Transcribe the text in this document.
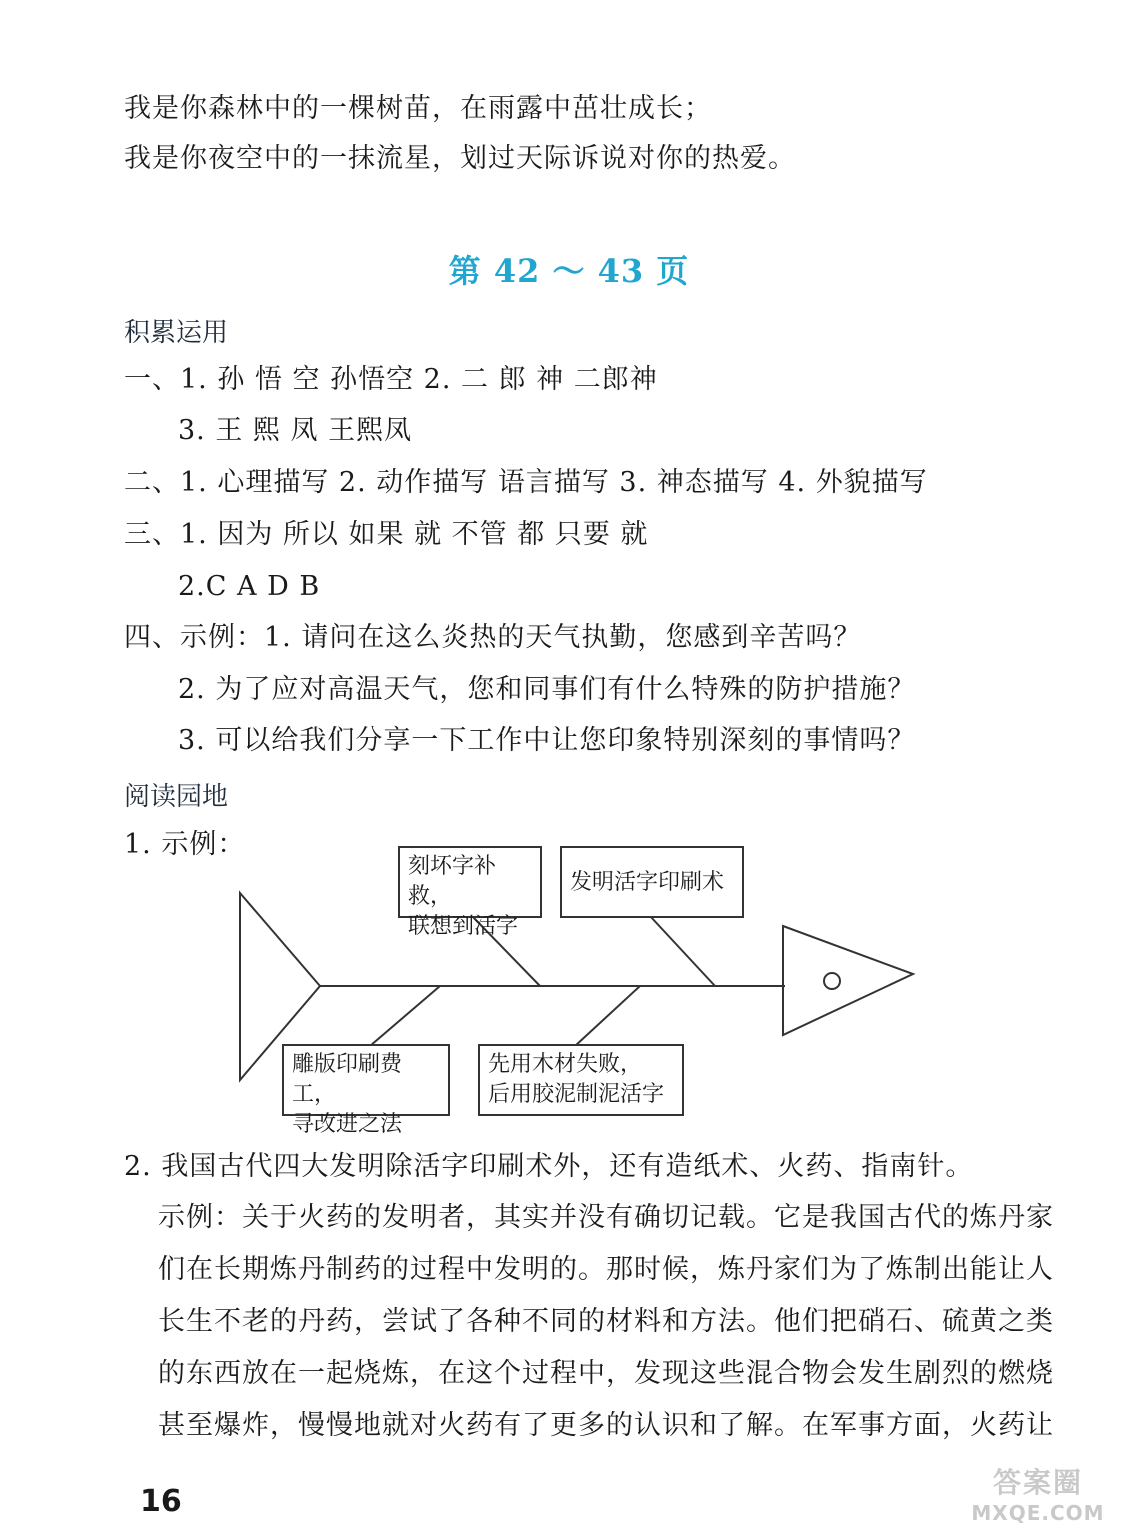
我是你森林中的一棵树苗，在雨露中茁壮成长；
我是你夜空中的一抹流星，划过天际诉说对你的热爱。
第 42 ～ 43 页
积累运用
一、1. 孙 悟 空 孙悟空 2. 二 郎 神 二郎神
3. 王 熙 凤 王熙凤
二、1. 心理描写 2. 动作描写 语言描写 3. 神态描写 4. 外貌描写
三、1. 因为 所以 如果 就 不管 都 只要 就
2.C A D B
四、示例：1. 请问在这么炎热的天气执勤，您感到辛苦吗？
2. 为了应对高温天气，您和同事们有什么特殊的防护措施？
3. 可以给我们分享一下工作中让您印象特别深刻的事情吗？
阅读园地
1. 示例：
刻坏字补救，
联想到活字
发明活字印刷术
雕版印刷费工，
寻改进之法
先用木材失败，
后用胶泥制泥活字
2. 我国古代四大发明除活字印刷术外，还有造纸术、火药、指南针。
示例：关于火药的发明者，其实并没有确切记载。它是我国古代的炼丹家
们在长期炼丹制药的过程中发明的。那时候，炼丹家们为了炼制出能让人
长生不老的丹药，尝试了各种不同的材料和方法。他们把硝石、硫黄之类
的东西放在一起烧炼，在这个过程中，发现这些混合物会发生剧烈的燃烧
甚至爆炸，慢慢地就对火药有了更多的认识和了解。在军事方面，火药让
16
答案圈
MXQE.COM
